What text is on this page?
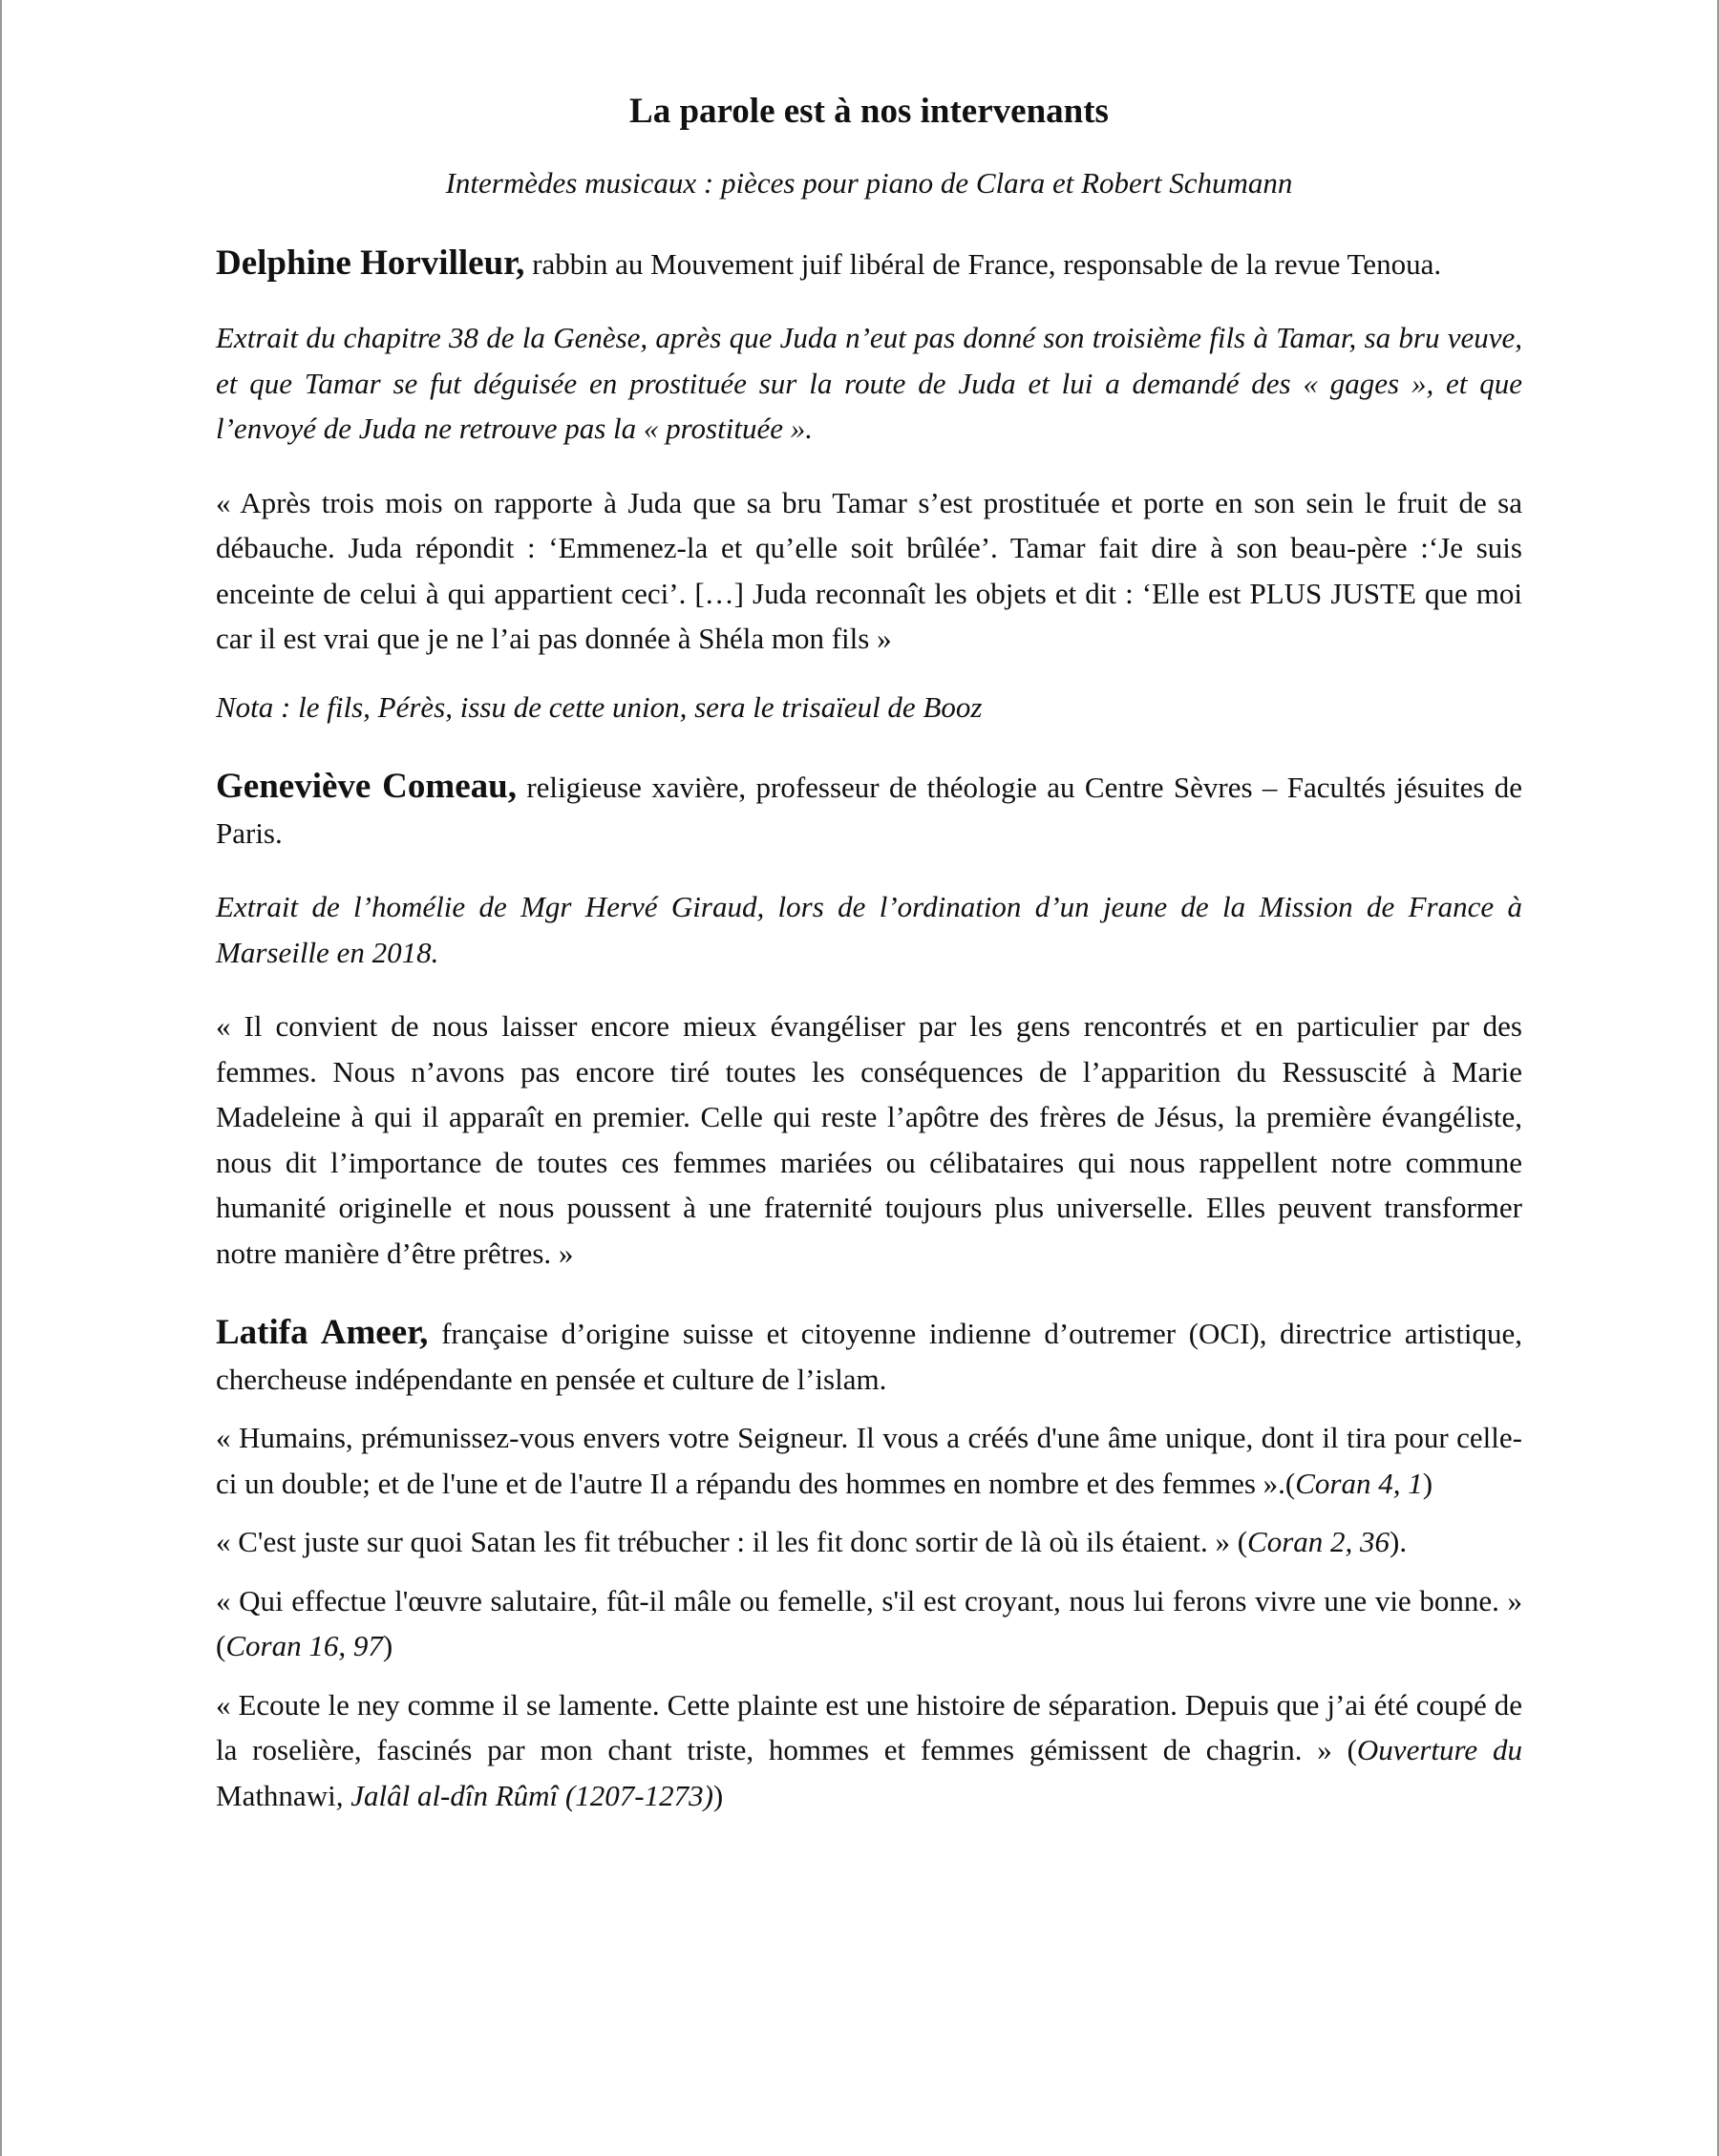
La parole est à nos intervenants

Intermèdes musicaux : pièces pour piano de Clara et Robert Schumann

Delphine Horvilleur, rabbin au Mouvement juif libéral de France, responsable de la revue Tenoua.

Extrait du chapitre 38 de la Genèse, après que Juda n’eut pas donné son troisième fils à Tamar, sa bru veuve, et que Tamar se fut déguisée en prostituée sur la route de Juda et lui a demandé des « gages », et que l’envoyé de Juda ne retrouve pas la « prostituée ».

« Après trois mois on rapporte à Juda que sa bru Tamar s’est prostituée et porte en son sein le fruit de sa débauche. Juda répondit : ‘Emmenez-la et qu’elle soit brûlée’. Tamar fait dire à son beau-père :‘Je suis enceinte de celui à qui appartient ceci’. […] Juda reconnaît les objets et dit : ‘Elle est PLUS JUSTE que moi car il est vrai que je ne l’ai pas donnée à Shéla mon fils »

Nota : le fils, Pérès, issu de cette union, sera le trisaïeul de Booz

Geneviève Comeau, religieuse xavière, professeur de théologie au Centre Sèvres – Facultés jésuites de Paris.

Extrait de l’homélie de Mgr Hervé Giraud, lors de l’ordination d’un jeune de la Mission de France à Marseille en 2018.

« Il convient de nous laisser encore mieux évangéliser par les gens rencontrés et en particulier par des femmes. Nous n’avons pas encore tiré toutes les conséquences de l’apparition du Ressuscité à Marie Madeleine à qui il apparaît en premier. Celle qui reste l’apôtre des frères de Jésus, la première évangéliste, nous dit l’importance de toutes ces femmes mariées ou célibataires qui nous rappellent notre commune humanité originelle et nous poussent à une fraternité toujours plus universelle. Elles peuvent transformer notre manière d’être prêtres. »

Latifa Ameer, française d’origine suisse et citoyenne indienne d’outremer (OCI), directrice artistique, chercheuse indépendante en pensée et culture de l’islam.

« Humains, prémunissez-vous envers votre Seigneur. Il vous a créés d'une âme unique, dont il tira pour celle-ci un double; et de l'une et de l'autre Il a répandu des hommes en nombre et des femmes ».(Coran 4, 1)

« C'est juste sur quoi Satan les fit trébucher : il les fit donc sortir de là où ils étaient. » (Coran 2, 36).

« Qui effectue l'œuvre salutaire, fût-il mâle ou femelle, s'il est croyant, nous lui ferons vivre une vie bonne. » (Coran 16, 97)

« Ecoute le ney comme il se lamente. Cette plainte est une histoire de séparation. Depuis que j’ai été coupé de la roselière, fascinés par mon chant triste, hommes et femmes gémissent de chagrin. » (Ouverture du Mathnawi, Jalâl al-dîn Rûmî (1207-1273))
